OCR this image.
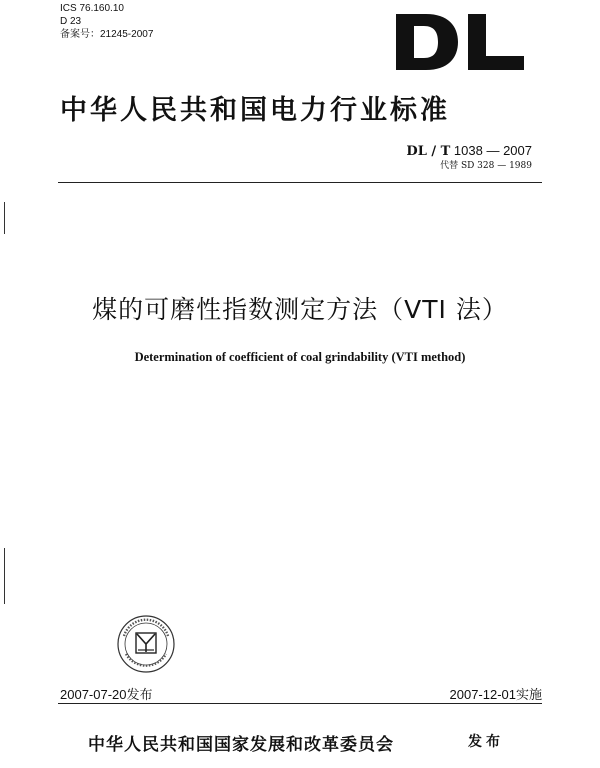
ICS 76.160.10
D 23
备案号：21245-2007
中华人民共和国电力行业标准
DL / T 1038 — 2007
代替 SD 328 — 1989
煤的可磨性指数测定方法（VTI 法）
Determination of coefficient of coal grindability (VTI method)
2007-07-20发布	2007-12-01实施
中华人民共和国国家发展和改革委员会	发布
